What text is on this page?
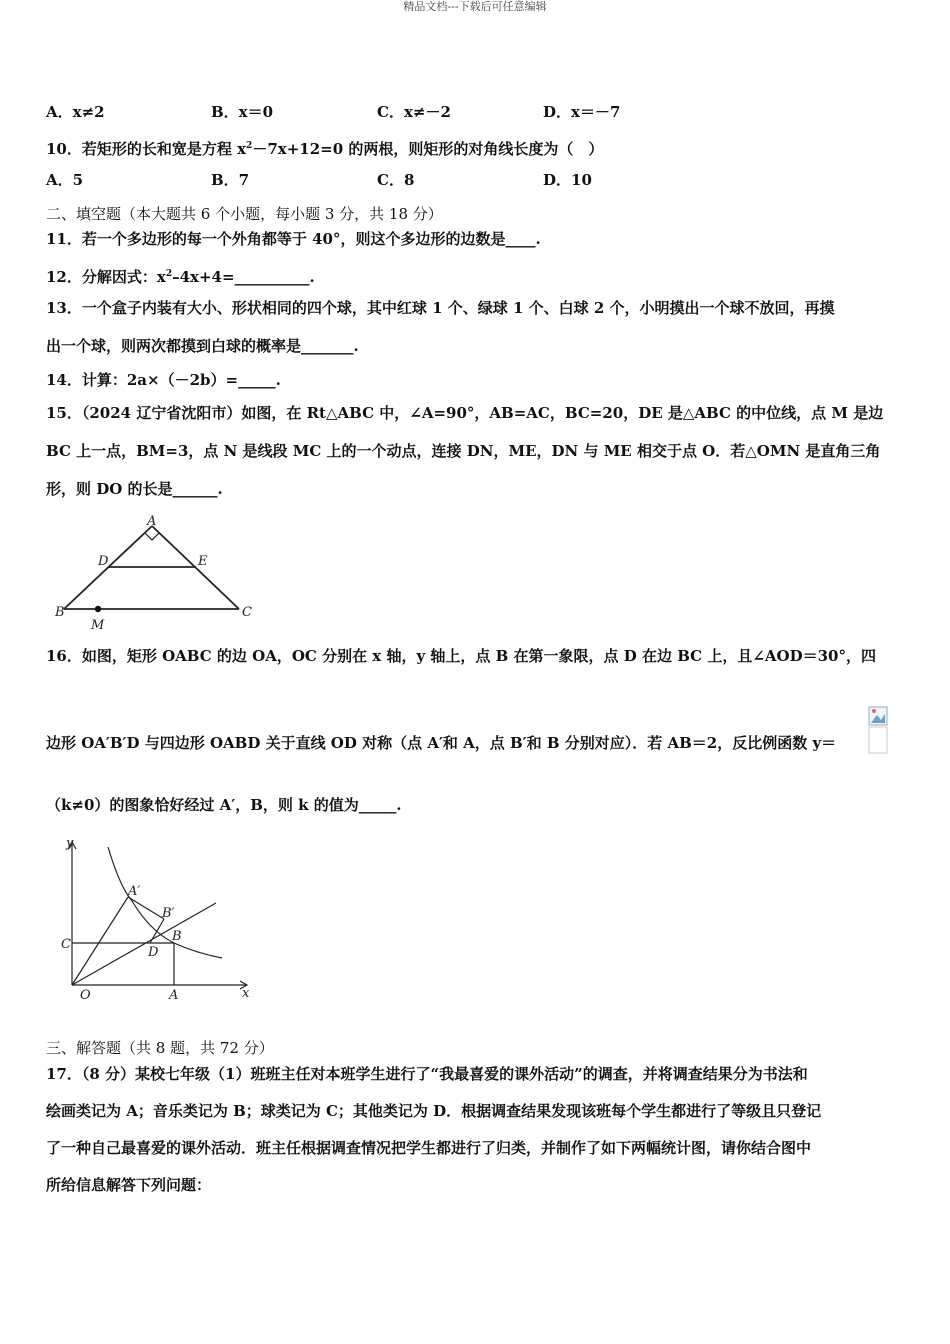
精品文档---下载后可任意编辑
A．x≠2	B．x＝0	C．x≠－2	D．x＝－7
10．若矩形的长和宽是方程 $x^2-7x+12=0$ 的两根，则矩形的对角线长度为（　）
A．5	B．7	C．8	D．10
二、填空题（本大题共 6 个小题，每小题 3 分，共 18 分）
11．若一个多边形的每一个外角都等于 40°，则这个多边形的边数是____.
12．分解因式：$x^2-4x+4=\_\_\_\_\_\_\_\_\_\_$.
13．一个盒子内装有大小、形状相同的四个球，其中红球 1 个、绿球 1 个、白球 2 个，小明摸出一个球不放回，再摸
出一个球，则两次都摸到白球的概率是_______.
14．计算：2a×（－2b）=_____.
15．（2024 辽宁省沈阳市）如图，在 Rt△ABC 中，∠A=90°，AB=AC，BC=20，DE 是△ABC 的中位线，点 M 是边
BC 上一点，BM=3，点 N 是线段 MC 上的一个动点，连接 DN，ME，DN 与 ME 相交于点 O．若△OMN 是直角三角
形，则 DO 的长是______.
A
D	E
B
M
C
16．如图，矩形 OABC 的边 OA，OC 分别在 x 轴，y 轴上，点 B 在第一象限，点 D 在边 BC 上，且∠AOD＝30°，四
边形 OA′B′D 与四边形 OABD 关于直线 OD 对称（点 A′和 A，点 B′和 B 分别对应）．若 AB＝2，反比例函数 y＝
（k≠0）的图象恰好经过 A′，B，则 k 的值为_____.
y
A′
B′
C
B
D
O	A	x
三、解答题（共 8 题，共 72 分）
17．（8 分）某校七年级（1）班班主任对本班学生进行了“我最喜爱的课外活动”的调查，并将调查结果分为书法和
绘画类记为 A；音乐类记为 B；球类记为 C；其他类记为 D．根据调查结果发现该班每个学生都进行了等级且只登记
了一种自己最喜爱的课外活动．班主任根据调查情况把学生都进行了归类，并制作了如下两幅统计图，请你结合图中
所给信息解答下列问题：
